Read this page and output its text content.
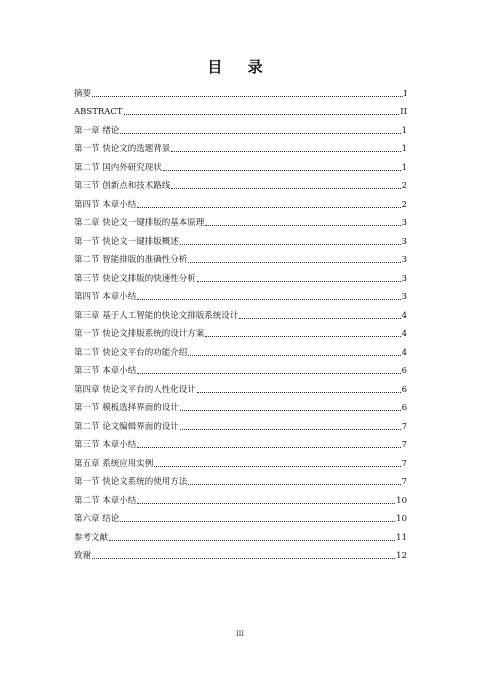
目 录
摘要	I
ABSTRACT	II
第一章 绪论	1
第一节 快论文的选题背景	1
第二节 国内外研究现状	1
第三节 创新点和技术路线	2
第四节 本章小结	2
第二章 快论文一键排版的基本原理	3
第一节 快论文一键排版概述	3
第二节 智能排版的准确性分析	3
第三节 快论文排版的快速性分析	3
第四节 本章小结	3
第三章 基于人工智能的快论文排版系统设计	4
第一节 快论文排版系统的设计方案	4
第二节 快论文平台的功能介绍	4
第三节 本章小结	6
第四章 快论文平台的人性化设计	6
第一节 模板选择界面的设计	6
第二节 论文编辑界面的设计	7
第三节 本章小结	7
第五章 系统应用实例	7
第一节 快论文系统的使用方法	7
第二节 本章小结	10
第六章 结论	10
参考文献	11
致谢	12
III
